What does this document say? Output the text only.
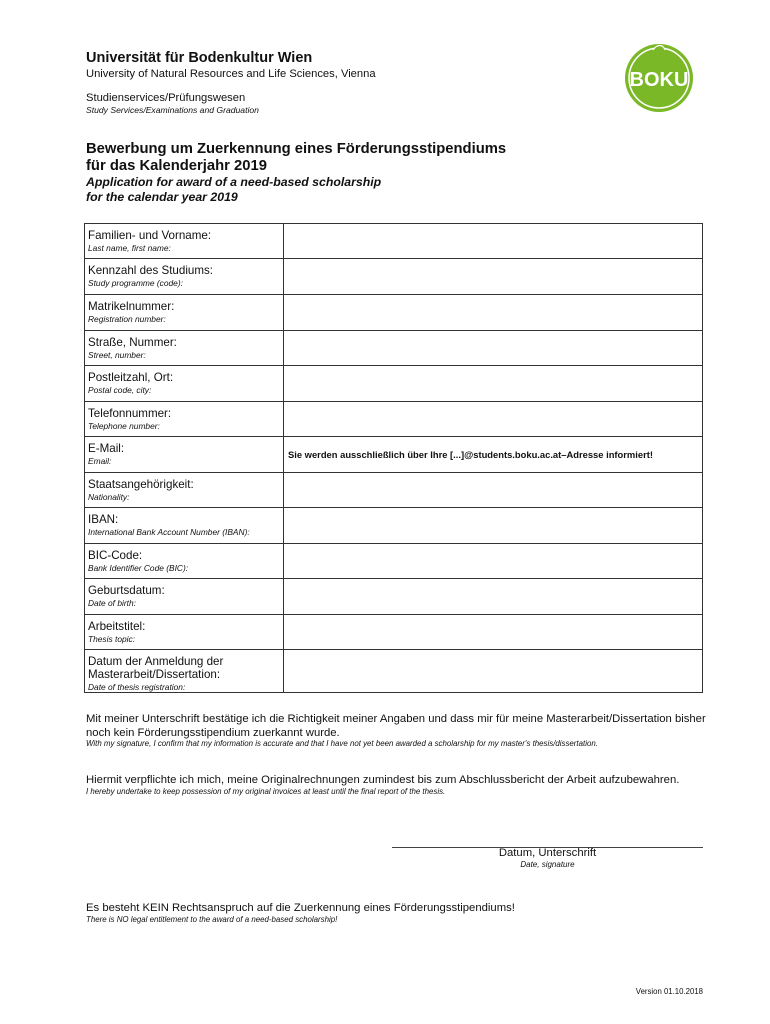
Universität für Bodenkultur Wien
University of Natural Resources and Life Sciences, Vienna
Studienservices/Prüfungswesen
Study Services/Examinations and Graduation
BOKU
Bewerbung um Zuerkennung eines Förderungsstipendiums
für das Kalenderjahr 2019
Application for award of a need-based scholarship
for the calendar year 2019
Familien- und Vorname:
Last name, first name:	

Kennzahl des Studiums:
Study programme (code):	

Matrikelnummer:
Registration number:	

Straße, Nummer:
Street, number:	

Postleitzahl, Ort:
Postal code, city:	

Telefonnummer:
Telephone number:	

E-Mail:
Email:	Sie werden ausschließlich über Ihre [...]@students.boku.ac.at–Adresse informiert!

Staatsangehörigkeit:
Nationality:	

IBAN:
International Bank Account Number (IBAN):	

BIC-Code:
Bank Identifier Code (BIC):	

Geburtsdatum:
Date of birth:	

Arbeitstitel:
Thesis topic:	

Datum der Anmeldung der Masterarbeit/Dissertation:
Date of thesis registration:	

Mit meiner Unterschrift bestätige ich die Richtigkeit meiner Angaben und dass mir für meine Masterarbeit/Dissertation bisher noch kein Förderungsstipendium zuerkannt wurde.
With my signature, I confirm that my information is accurate and that I have not yet been awarded a scholarship for my master's thesis/dissertation.
Hiermit verpflichte ich mich, meine Originalrechnungen zumindest bis zum Abschlussbericht der Arbeit aufzubewahren.
I hereby undertake to keep possession of my original invoices at least until the final report of the thesis.
Datum, Unterschrift
Date, signature
Es besteht KEIN Rechtsanspruch auf die Zuerkennung eines Förderungsstipendiums!
There is NO legal entitlement to the award of a need-based scholarship!
Version 01.10.2018
